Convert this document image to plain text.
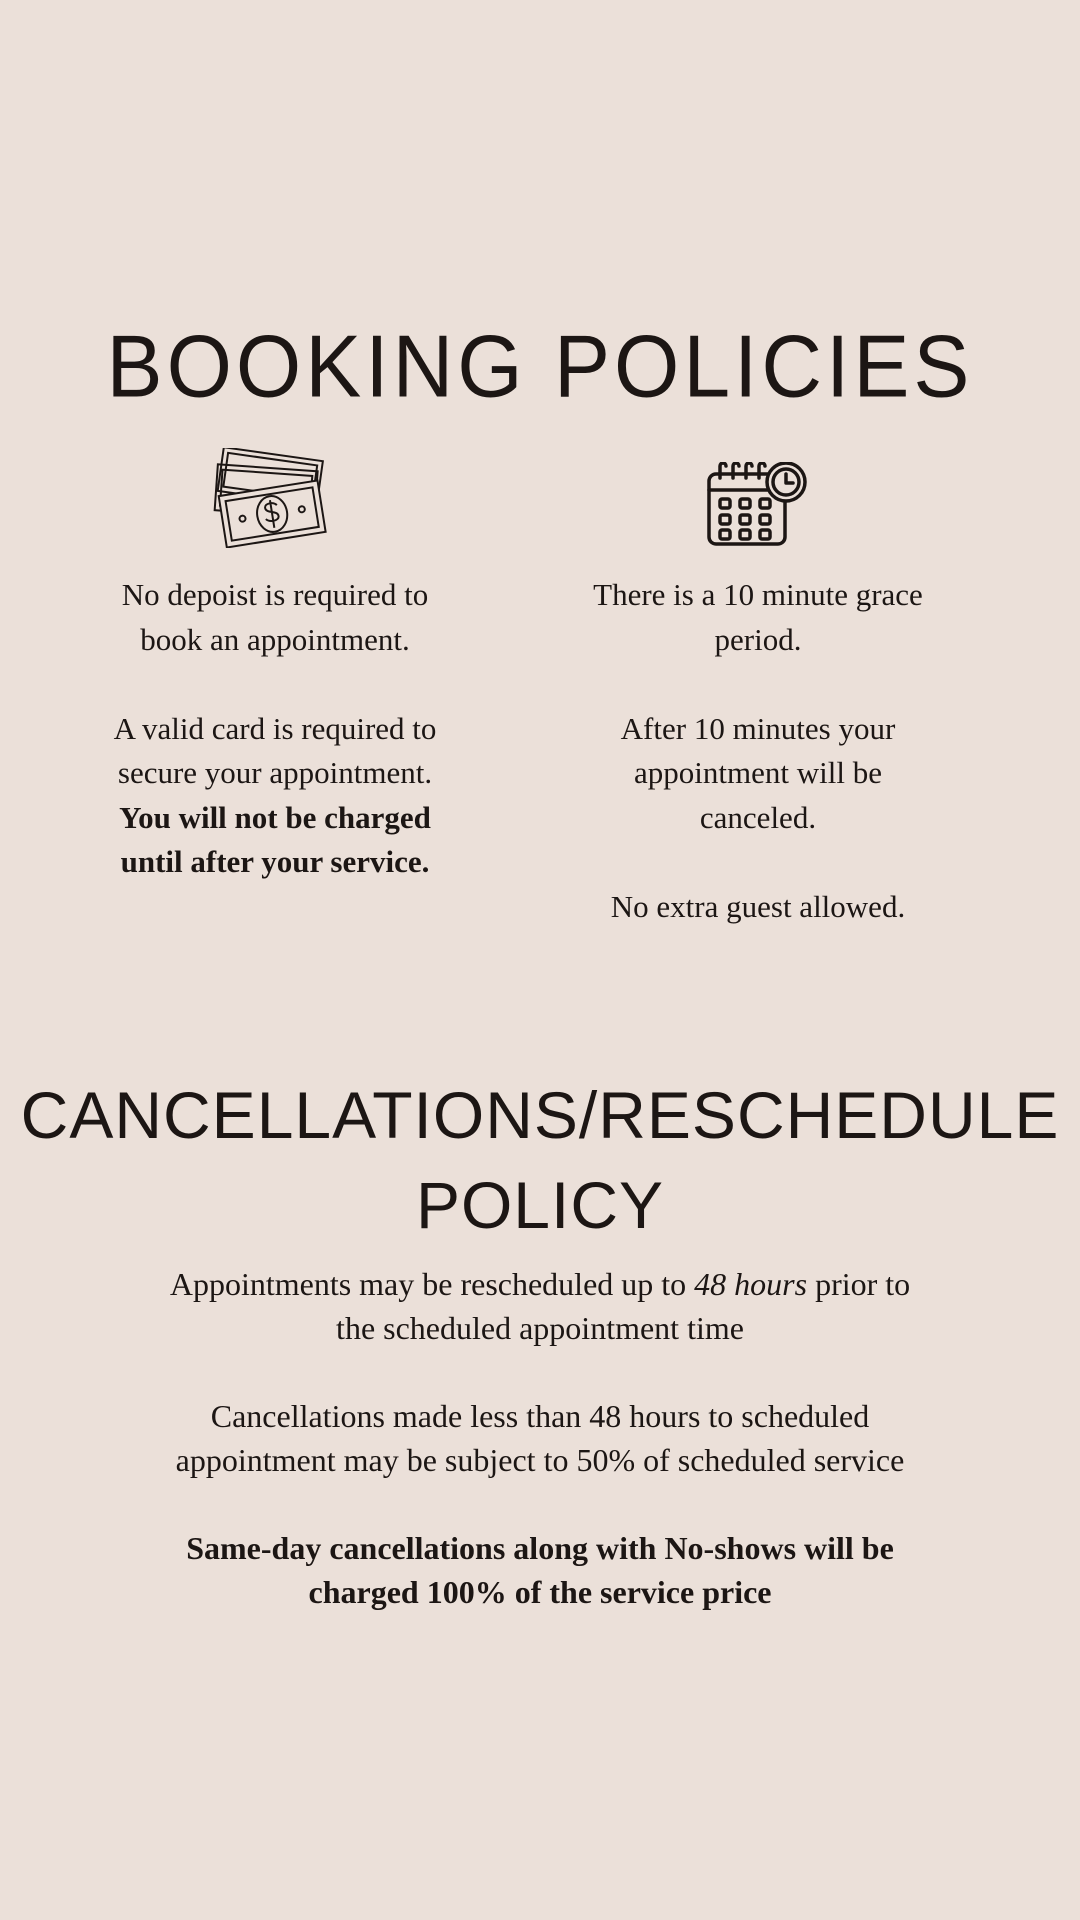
BOOKING POLICIES

No depoist is required to book an appointment.

A valid card is required to secure your appointment. You will not be charged until after your service.

There is a 10 minute grace period.

After 10 minutes your appointment will be canceled.

No extra guest allowed.

CANCELLATIONS/RESCHEDULE
POLICY

Appointments may be rescheduled up to 48 hours prior to the scheduled appointment time

Cancellations made less than 48 hours to scheduled appointment may be subject to 50% of scheduled service

Same-day cancellations along with No-shows will be charged 100% of the service price
